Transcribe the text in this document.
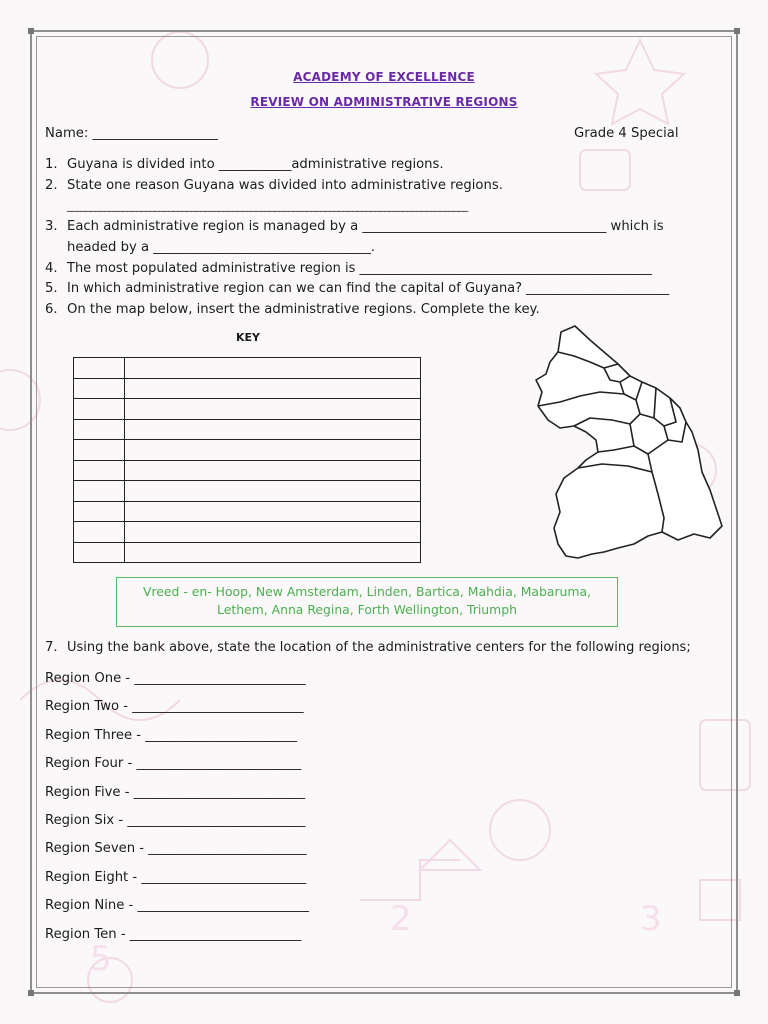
3
5
2
ACADEMY OF EXCELLENCE
REVIEW ON ADMINISTRATIVE REGIONS
Name: ___________________	Grade 4 Special
1. Guyana is divided into ___________administrative regions.
2. State one reason Guyana was divided into administrative regions.
_______________________________________________________________________________________
3. Each administrative region is managed by a _____________________________________ which is
headed by a _________________________________.
4. The most populated administrative region is _____________________________________________
5. In which administrative region can we can find the capital of Guyana? ______________________
6. On the map below, insert the administrative regions. Complete the key.
KEY

Vreed - en- Hoop, New Amsterdam, Linden, Bartica, Mahdia, Mabaruma,
Lethem, Anna Regina, Forth Wellington, Triumph
7. Using the bank above, state the location of the administrative centers for the following regions;
Region One - __________________________
Region Two - __________________________
Region Three - _______________________
Region Four - _________________________
Region Five - __________________________
Region Six - ___________________________
Region Seven - ________________________
Region Eight - _________________________
Region Nine - __________________________
Region Ten - __________________________
